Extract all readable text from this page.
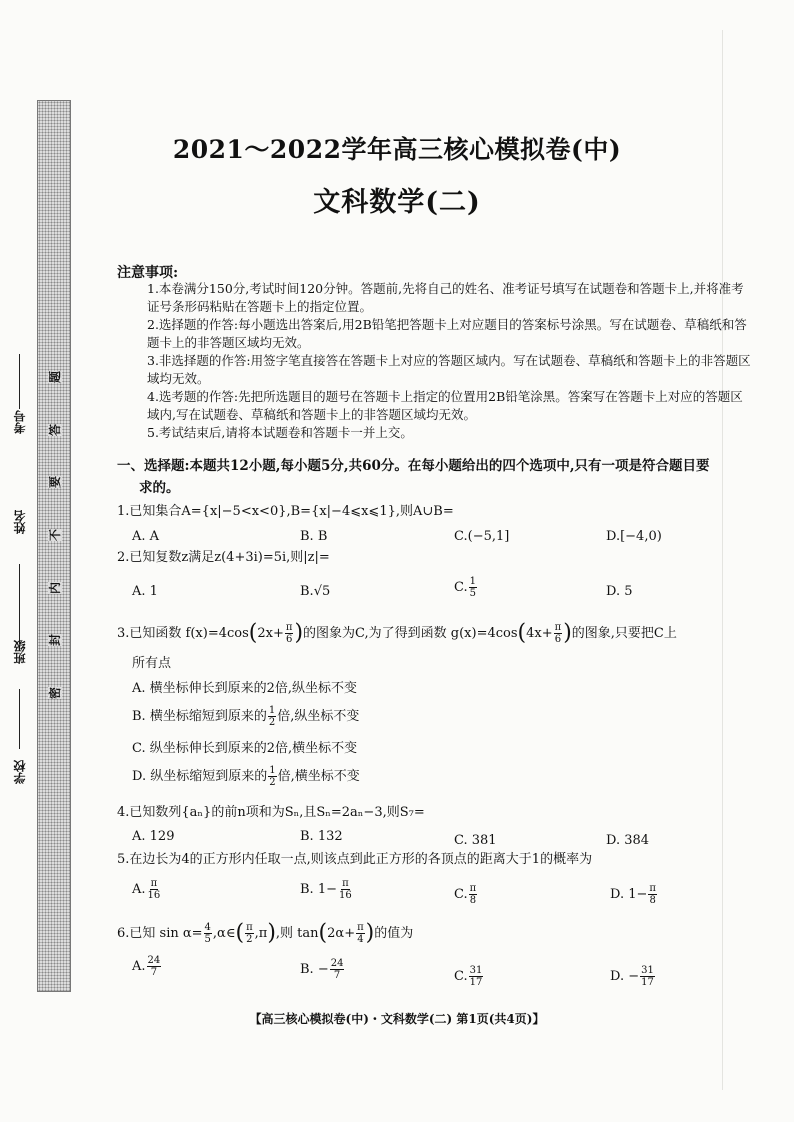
题
答
要
不
内
封
密
考号
姓名
班级
学校
2021～2022学年高三核心模拟卷(中)
文科数学(二)
注意事项:
1.本卷满分150分,考试时间120分钟。答题前,先将自己的姓名、准考证号填写在试题卷和答题卡上,并将准考证号条形码粘贴在答题卡上的指定位置。
2.选择题的作答:每小题选出答案后,用2B铅笔把答题卡上对应题目的答案标号涂黑。写在试题卷、草稿纸和答题卡上的非答题区域均无效。
3.非选择题的作答:用签字笔直接答在答题卡上对应的答题区域内。写在试题卷、草稿纸和答题卡上的非答题区域均无效。
4.选考题的作答:先把所选题目的题号在答题卡上指定的位置用2B铅笔涂黑。答案写在答题卡上对应的答题区域内,写在试题卷、草稿纸和答题卡上的非答题区域均无效。
5.考试结束后,请将本试题卷和答题卡一并上交。
一、选择题:本题共12小题,每小题5分,共60分。在每小题给出的四个选项中,只有一项是符合题目要
求的。
1.已知集合A={x|−5<x<0},B={x|−4⩽x⩽1},则A∪B=
A. A	B. B	C.(−5,1]	D.[−4,0)
2.已知复数z满足z(4+3i)=5i,则|z|=
A. 1	B.√5	C. $\frac{1}{5}$	D. 5
3.已知函数 $f(x)=4\cos(2x+ \frac{\pi}{6}$ )的图象为C,为了得到函数 $g(x)=4\cos(4x+ \frac{\pi}{6}$ )的图象,只要把C上
所有点
A. 横坐标伸长到原来的2倍,纵坐标不变
B. 横坐标缩短到原来的 $\frac{1}{2}$ 倍,纵坐标不变
C. 纵坐标伸长到原来的2倍,横坐标不变
D. 纵坐标缩短到原来的 $\frac{1}{2}$ 倍,横坐标不变
4.已知数列{aₙ}的前n项和为Sₙ,且Sₙ=2aₙ−3,则S₇=
A. 129	B. 132	C. 381	D. 384
5.在边长为4的正方形内任取一点,则该点到此正方形的各顶点的距离大于1的概率为
A. $\frac{\pi}{16}$	B. $1- \frac{\pi}{16}$	C. $\frac{\pi}{8}$	D. $1- \frac{\pi}{8}$
6.已知 $\sin \alpha= \frac{4}{5}$ ,α∈( $\frac{\pi}{2} ,\pi$),则 $\tan(2\alpha+ \frac{\pi}{4}$ )的值为
A. $\frac{24}{7}$	B. − $\frac{24}{7}$	C. $\frac{31}{17}$	D. − $\frac{31}{17}$
【高三核心模拟卷(中)・文科数学(二) 第1页(共4页)】
